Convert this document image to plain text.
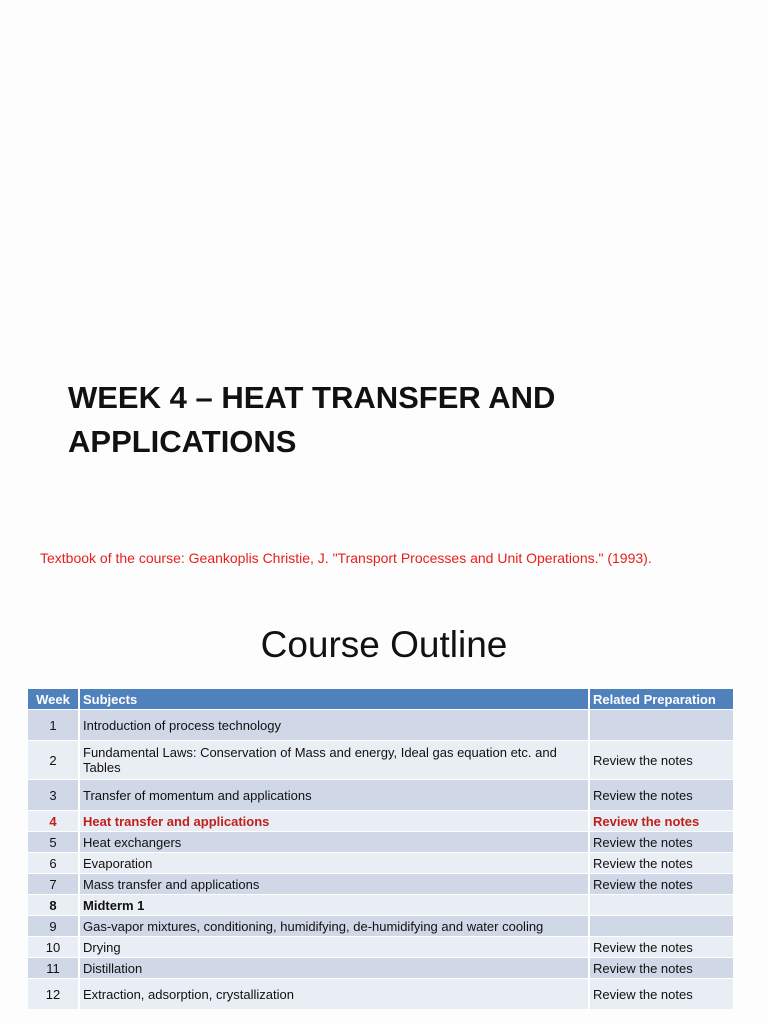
WEEK 4 – HEAT TRANSFER AND APPLICATIONS
Textbook of the course: Geankoplis Christie, J. "Transport Processes and Unit Operations." (1993).
Course Outline
Week	Subjects	Related Preparation
1	Introduction of process technology	
2	Fundamental Laws: Conservation of Mass and energy, Ideal gas equation etc. and Tables	Review the notes
3	Transfer of momentum and applications	Review the notes
4	Heat transfer and applications	Review the notes
5	Heat exchangers	Review the notes
6	Evaporation	Review the notes
7	Mass transfer and applications	Review the notes
8	Midterm 1	
9	Gas-vapor mixtures, conditioning, humidifying, de-humidifying and water cooling	
10	Drying	Review the notes
11	Distillation	Review the notes
12	Extraction, adsorption, crystallization	Review the notes
